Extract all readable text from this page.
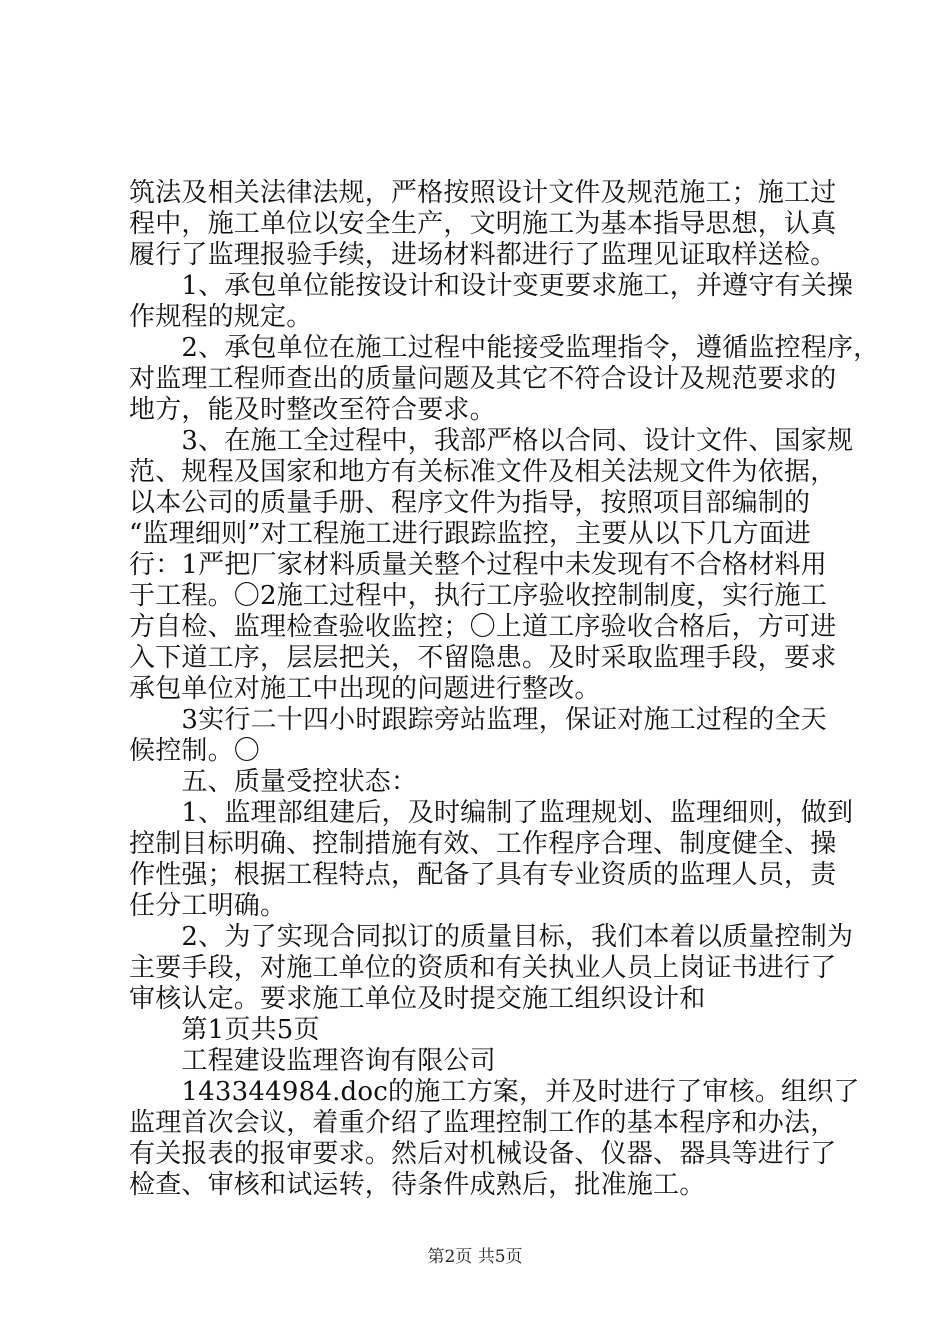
筑法及相关法律法规，严格按照设计文件及规范施工；施工过
程中，施工单位以安全生产，文明施工为基本指导思想，认真
履行了监理报验手续，进场材料都进行了监理见证取样送检。
　　1、承包单位能按设计和设计变更要求施工，并遵守有关操
作规程的规定。
　　2、承包单位在施工过程中能接受监理指令，遵循监控程序，
对监理工程师查出的质量问题及其它不符合设计及规范要求的
地方，能及时整改至符合要求。
　　3、在施工全过程中，我部严格以合同、设计文件、国家规
范、规程及国家和地方有关标准文件及相关法规文件为依据，
以本公司的质量手册、程序文件为指导，按照项目部编制的
“监理细则”对工程施工进行跟踪监控，主要从以下几方面进
行：1严把厂家材料质量关整个过程中未发现有不合格材料用
于工程。〇2施工过程中，执行工序验收控制制度，实行施工
方自检、监理检查验收监控；〇上道工序验收合格后，方可进
入下道工序，层层把关，不留隐患。及时采取监理手段，要求
承包单位对施工中出现的问题进行整改。
　　3实行二十四小时跟踪旁站监理，保证对施工过程的全天
候控制。〇
　　五、质量受控状态：
　　1、监理部组建后，及时编制了监理规划、监理细则，做到
控制目标明确、控制措施有效、工作程序合理、制度健全、操
作性强；根据工程特点，配备了具有专业资质的监理人员，责
任分工明确。
　　2、为了实现合同拟订的质量目标，我们本着以质量控制为
主要手段，对施工单位的资质和有关执业人员上岗证书进行了
审核认定。要求施工单位及时提交施工组织设计和
　　第1页共5页
　　工程建设监理咨询有限公司
　　143344984.doc的施工方案，并及时进行了审核。组织了
监理首次会议，着重介绍了监理控制工作的基本程序和办法，
有关报表的报审要求。然后对机械设备、仪器、器具等进行了
检查、审核和试运转，待条件成熟后，批准施工。
第2页 共5页
